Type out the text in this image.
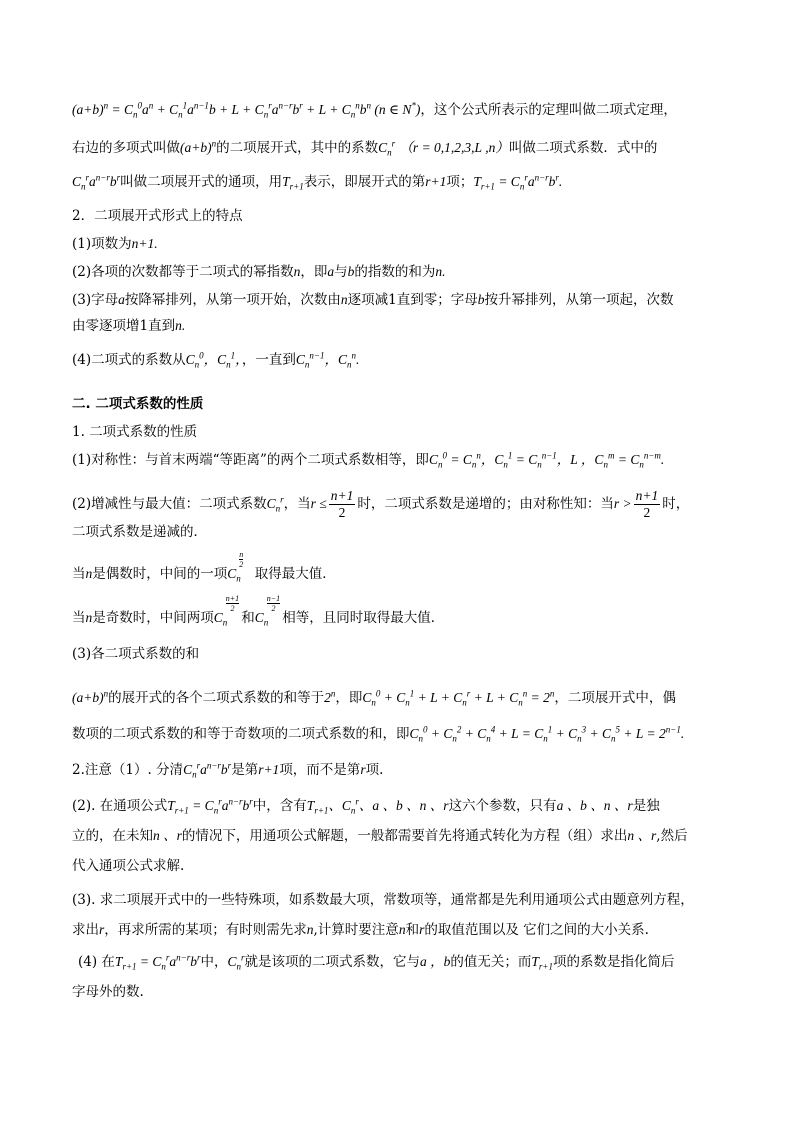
$(a+b)^n = C_n^0a^n + C_n^1a^{n-1}b + L + C_n^ra^{n-r}b^r + L + C_n^nb^n$ (n ∈ N*)，这个公式所表示的定理叫做二项式定理，
右边的多项式叫做$(a+b)^n$的二项展开式，其中的系数$C_n^r$ （r = 0,1,2,3,L ,n）叫做二项式系数．式中的
$C_n^ra^{n-r}b^r$叫做二项展开式的通项，用$T_{r+1}$表示，即展开式的第r+1项；$T_{r+1} = C_n^ra^{n-r}b^r$.
2．二项展开式形式上的特点
(1)项数为n+1.
(2)各项的次数都等于二项式的幂指数n，即a与b的指数的和为n.
(3)字母a按降幂排列，从第一项开始，次数由n逐项减1直到零；字母b按升幂排列，从第一项起，次数
由零逐项增1直到n.
(4)二项式的系数从$C_n^0$，$C_n^1$，，一直到$C_n^{n-1}$，$C_n^n$.
二. 二项式系数的性质
1. 二项式系数的性质
(1)对称性：与首末两端“等距离”的两个二项式系数相等，即$C_n^0 = C_n^n$，$C_n^1 = C_n^{n-1}$，L ，$C_n^m = C_n^{n-m}$.
(2)增减性与最大值：二项式系数$C_n^r$，当$r \le \frac{n+1}{2}$ 时，二项式系数是递增的；由对称性知：当$r > \frac{n+1}{2}$ 时，
二项式系数是递减的．
当n是偶数时，中间的一项$C_n$
$\frac{n}{2}$
取得最大值．
当n是奇数时，中间两项$C_n$
$\frac{n+1}{2}$
和$C_n$
$\frac{n-1}{2}$
相等，且同时取得最大值．
(3)各二项式系数的和
$(a+b)^n$的展开式的各个二项式系数的和等于2$^n$，即$C_n^0 + C_n^1 + L + C_n^r + L + C_n^n = 2^n$，二项展开式中，偶
数项的二项式系数的和等于奇数项的二项式系数的和，即$C_n^0 + C_n^2 + C_n^4 + L = C_n^1 + C_n^3 + C_n^5 + L = 2^{n-1}$.
2.注意（1）. 分清$C_n^ra^{n-r}b^r$是第r+1项，而不是第r项.
(2). 在通项公式$T_{r+1} = C_n^ra^{n-r}b^r$中，含有$T_{r+1}$、$C_n^r$、a 、b 、n 、r这六个参数，只有a 、b 、n 、r是独
立的，在未知n 、r的情况下，用通项公式解题，一般都需要首先将通式转化为方程（组）求出n 、r,然后
代入通项公式求解.
(3). 求二项展开式中的一些特殊项，如系数最大项，常数项等，通常都是先利用通项公式由题意列方程，
求出r，再求所需的某项；有时则需先求n,计算时要注意n和r的取值范围以及 它们之间的大小关系.
(4) 在$T_{r+1} = C_n^ra^{n-r}b^r$中，$C_n^r$就是该项的二项式系数，它与a ，b的值无关；而$T_{r+1}$项的系数是指化简后
字母外的数.
